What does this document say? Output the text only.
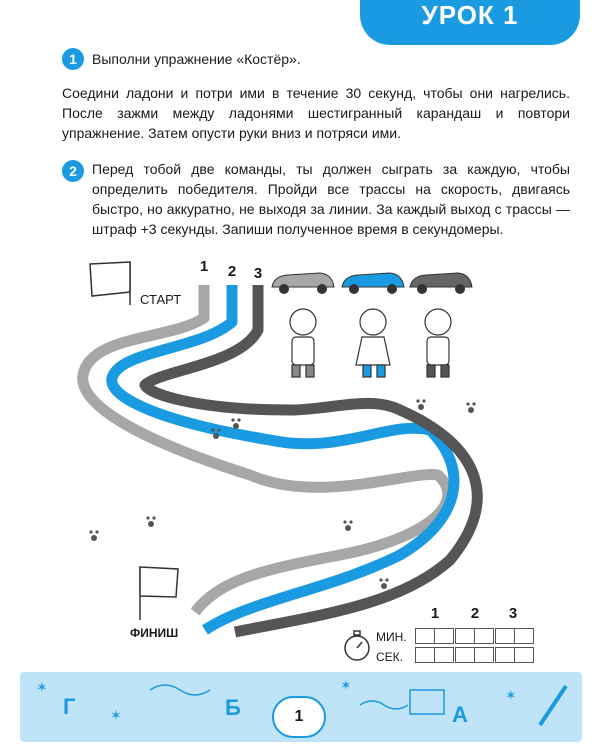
УРОК 1
1	Выполни упражнение «Костёр».
Соедини ладони и потри ими в течение 30 секунд, чтобы они нагрелись. После зажми между ладонями шестигранный карандаш и повтори упражнение. Затем опусти руки вниз и потряси ими.
2	Перед тобой две команды, ты должен сыграть за каждую, чтобы определить победителя. Пройди все трассы на скорость, двигаясь быстро, но аккуратно, не выходя за линии. За каждый выход с трассы — штраф +3 секунды. Запиши полученное время в секундомеры.
СТАРТ
ФИНИШ
1	2	3
1	2	3
МИН.
СЕК.
Г	Б	А
✶
✶
✶
✶
1
